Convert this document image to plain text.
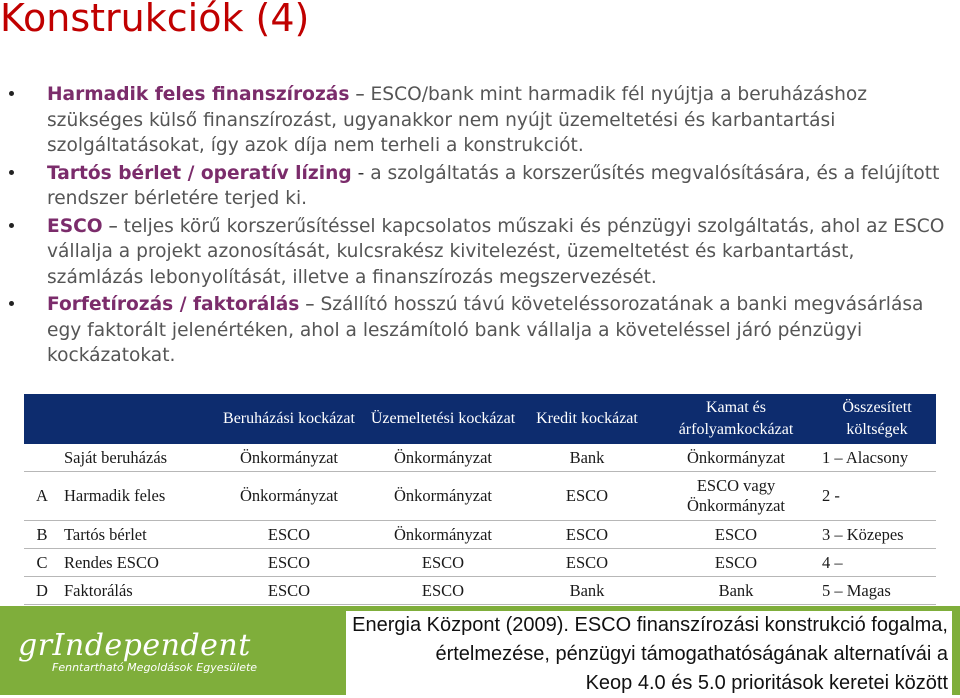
Konstrukciók (4)
Harmadik feles finanszírozás – ESCO/bank mint harmadik fél nyújtja a beruházáshoz szükséges külső finanszírozást, ugyanakkor nem nyújt üzemeltetési és karbantartási szolgáltatásokat, így azok díja nem terheli a konstrukciót.
Tartós bérlet / operatív lízing - a szolgáltatás a korszerűsítés megvalósítására, és a felújított rendszer bérletére terjed ki.
ESCO – teljes körű korszerűsítéssel kapcsolatos műszaki és pénzügyi szolgáltatás, ahol az ESCO vállalja a projekt azonosítását, kulcsrakész kivitelezést, üzemeltetést és karbantartást, számlázás lebonyolítását, illetve a finanszírozás megszervezését.
Forfetírozás / faktorálás – Szállító hosszú távú követeléssorozatának a banki megvásárlása egy faktorált jelenértéken, ahol a leszámítoló bank vállalja a követeléssel járó pénzügyi kockázatokat.
		Beruházási kockázat	Üzemeltetési kockázat	Kredit kockázat	Kamat és árfolyamkockázat	Összesített költségek
	Saját beruházás	Önkormányzat	Önkormányzat	Bank	Önkormányzat	1 – Alacsony
A	Harmadik feles	Önkormányzat	Önkormányzat	ESCO	ESCO vagy Önkormányzat	2 -
B	Tartós bérlet	ESCO	Önkormányzat	ESCO	ESCO	3 – Közepes
C	Rendes ESCO	ESCO	ESCO	ESCO	ESCO	4 –
D	Faktorálás	ESCO	ESCO	Bank	Bank	5 – Magas
grIndependent
Fenntartható Megoldások Egyesülete
Energia Központ (2009). ESCO finanszírozási konstrukció fogalma,
értelmezése, pénzügyi támogathatóságának alternatívái a
Keop 4.0 és 5.0 prioritások keretei között
